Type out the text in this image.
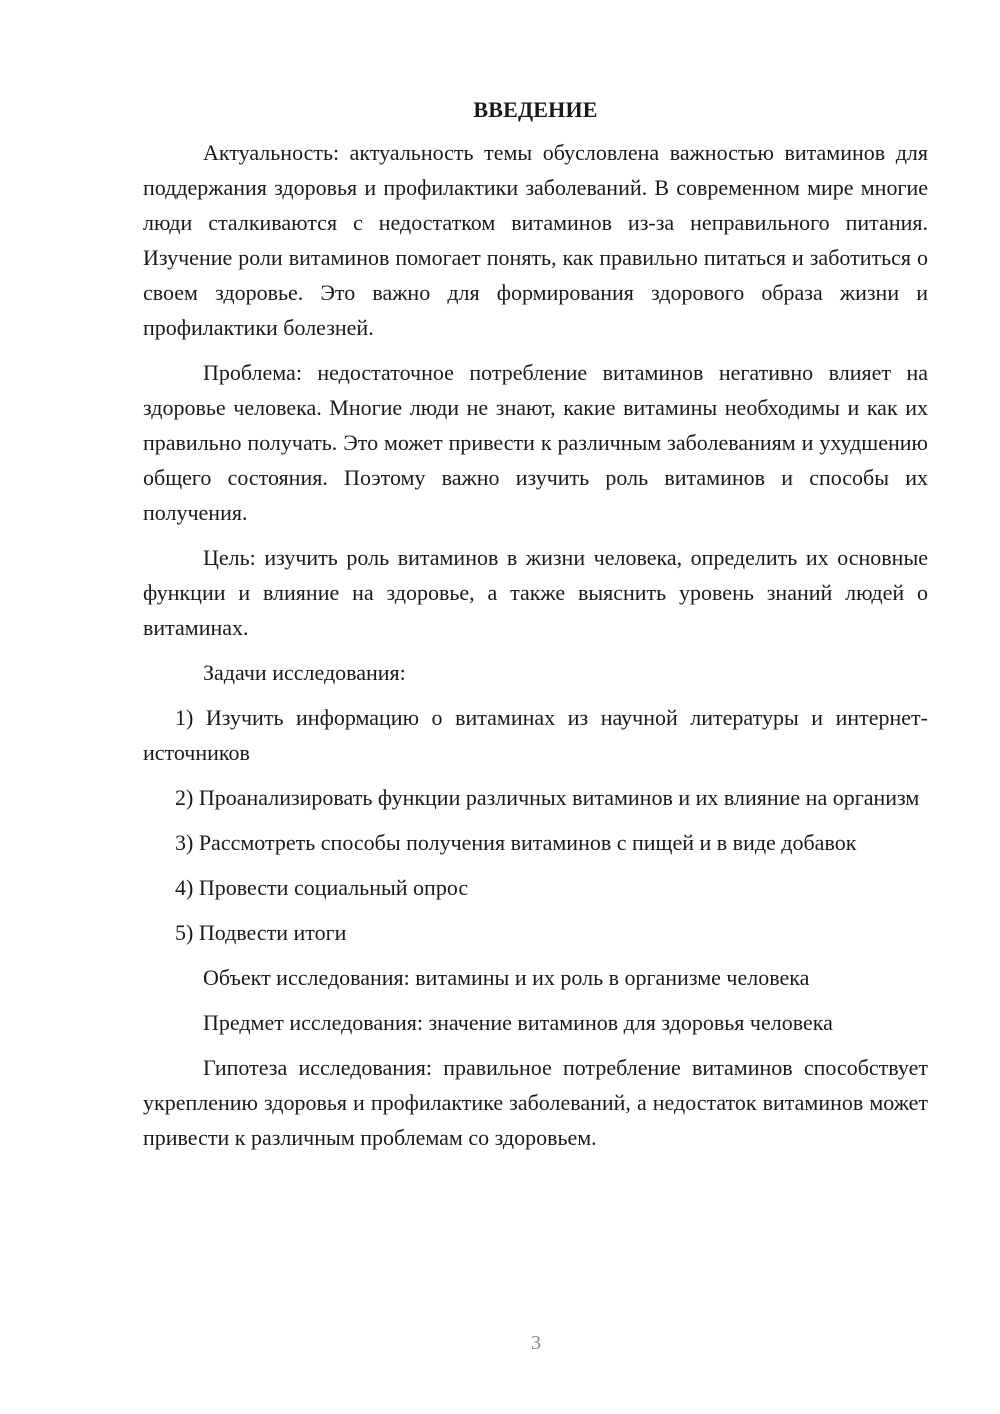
ВВЕДЕНИЕ

Актуальность: актуальность темы обусловлена важностью витаминов для поддержания здоровья и профилактики заболеваний. В современном мире многие люди сталкиваются с недостатком витаминов из-за неправильного питания. Изучение роли витаминов помогает понять, как правильно питаться и заботиться о своем здоровье. Это важно для формирования здорового образа жизни и профилактики болезней.

Проблема: недостаточное потребление витаминов негативно влияет на здоровье человека. Многие люди не знают, какие витамины необходимы и как их правильно получать. Это может привести к различным заболеваниям и ухудшению общего состояния. Поэтому важно изучить роль витаминов и способы их получения.

Цель: изучить роль витаминов в жизни человека, определить их основные функции и влияние на здоровье, а также выяснить уровень знаний людей о витаминах.

Задачи исследования:

1) Изучить информацию о витаминах из научной литературы и интернет-источников

2) Проанализировать функции различных витаминов и их влияние на организм

3) Рассмотреть способы получения витаминов с пищей и в виде добавок

4) Провести социальный опрос

5) Подвести итоги

Объект исследования: витамины и их роль в организме человека

Предмет исследования: значение витаминов для здоровья человека

Гипотеза исследования: правильное потребление витаминов способствует укреплению здоровья и профилактике заболеваний, а недостаток витаминов может привести к различным проблемам со здоровьем.

3
